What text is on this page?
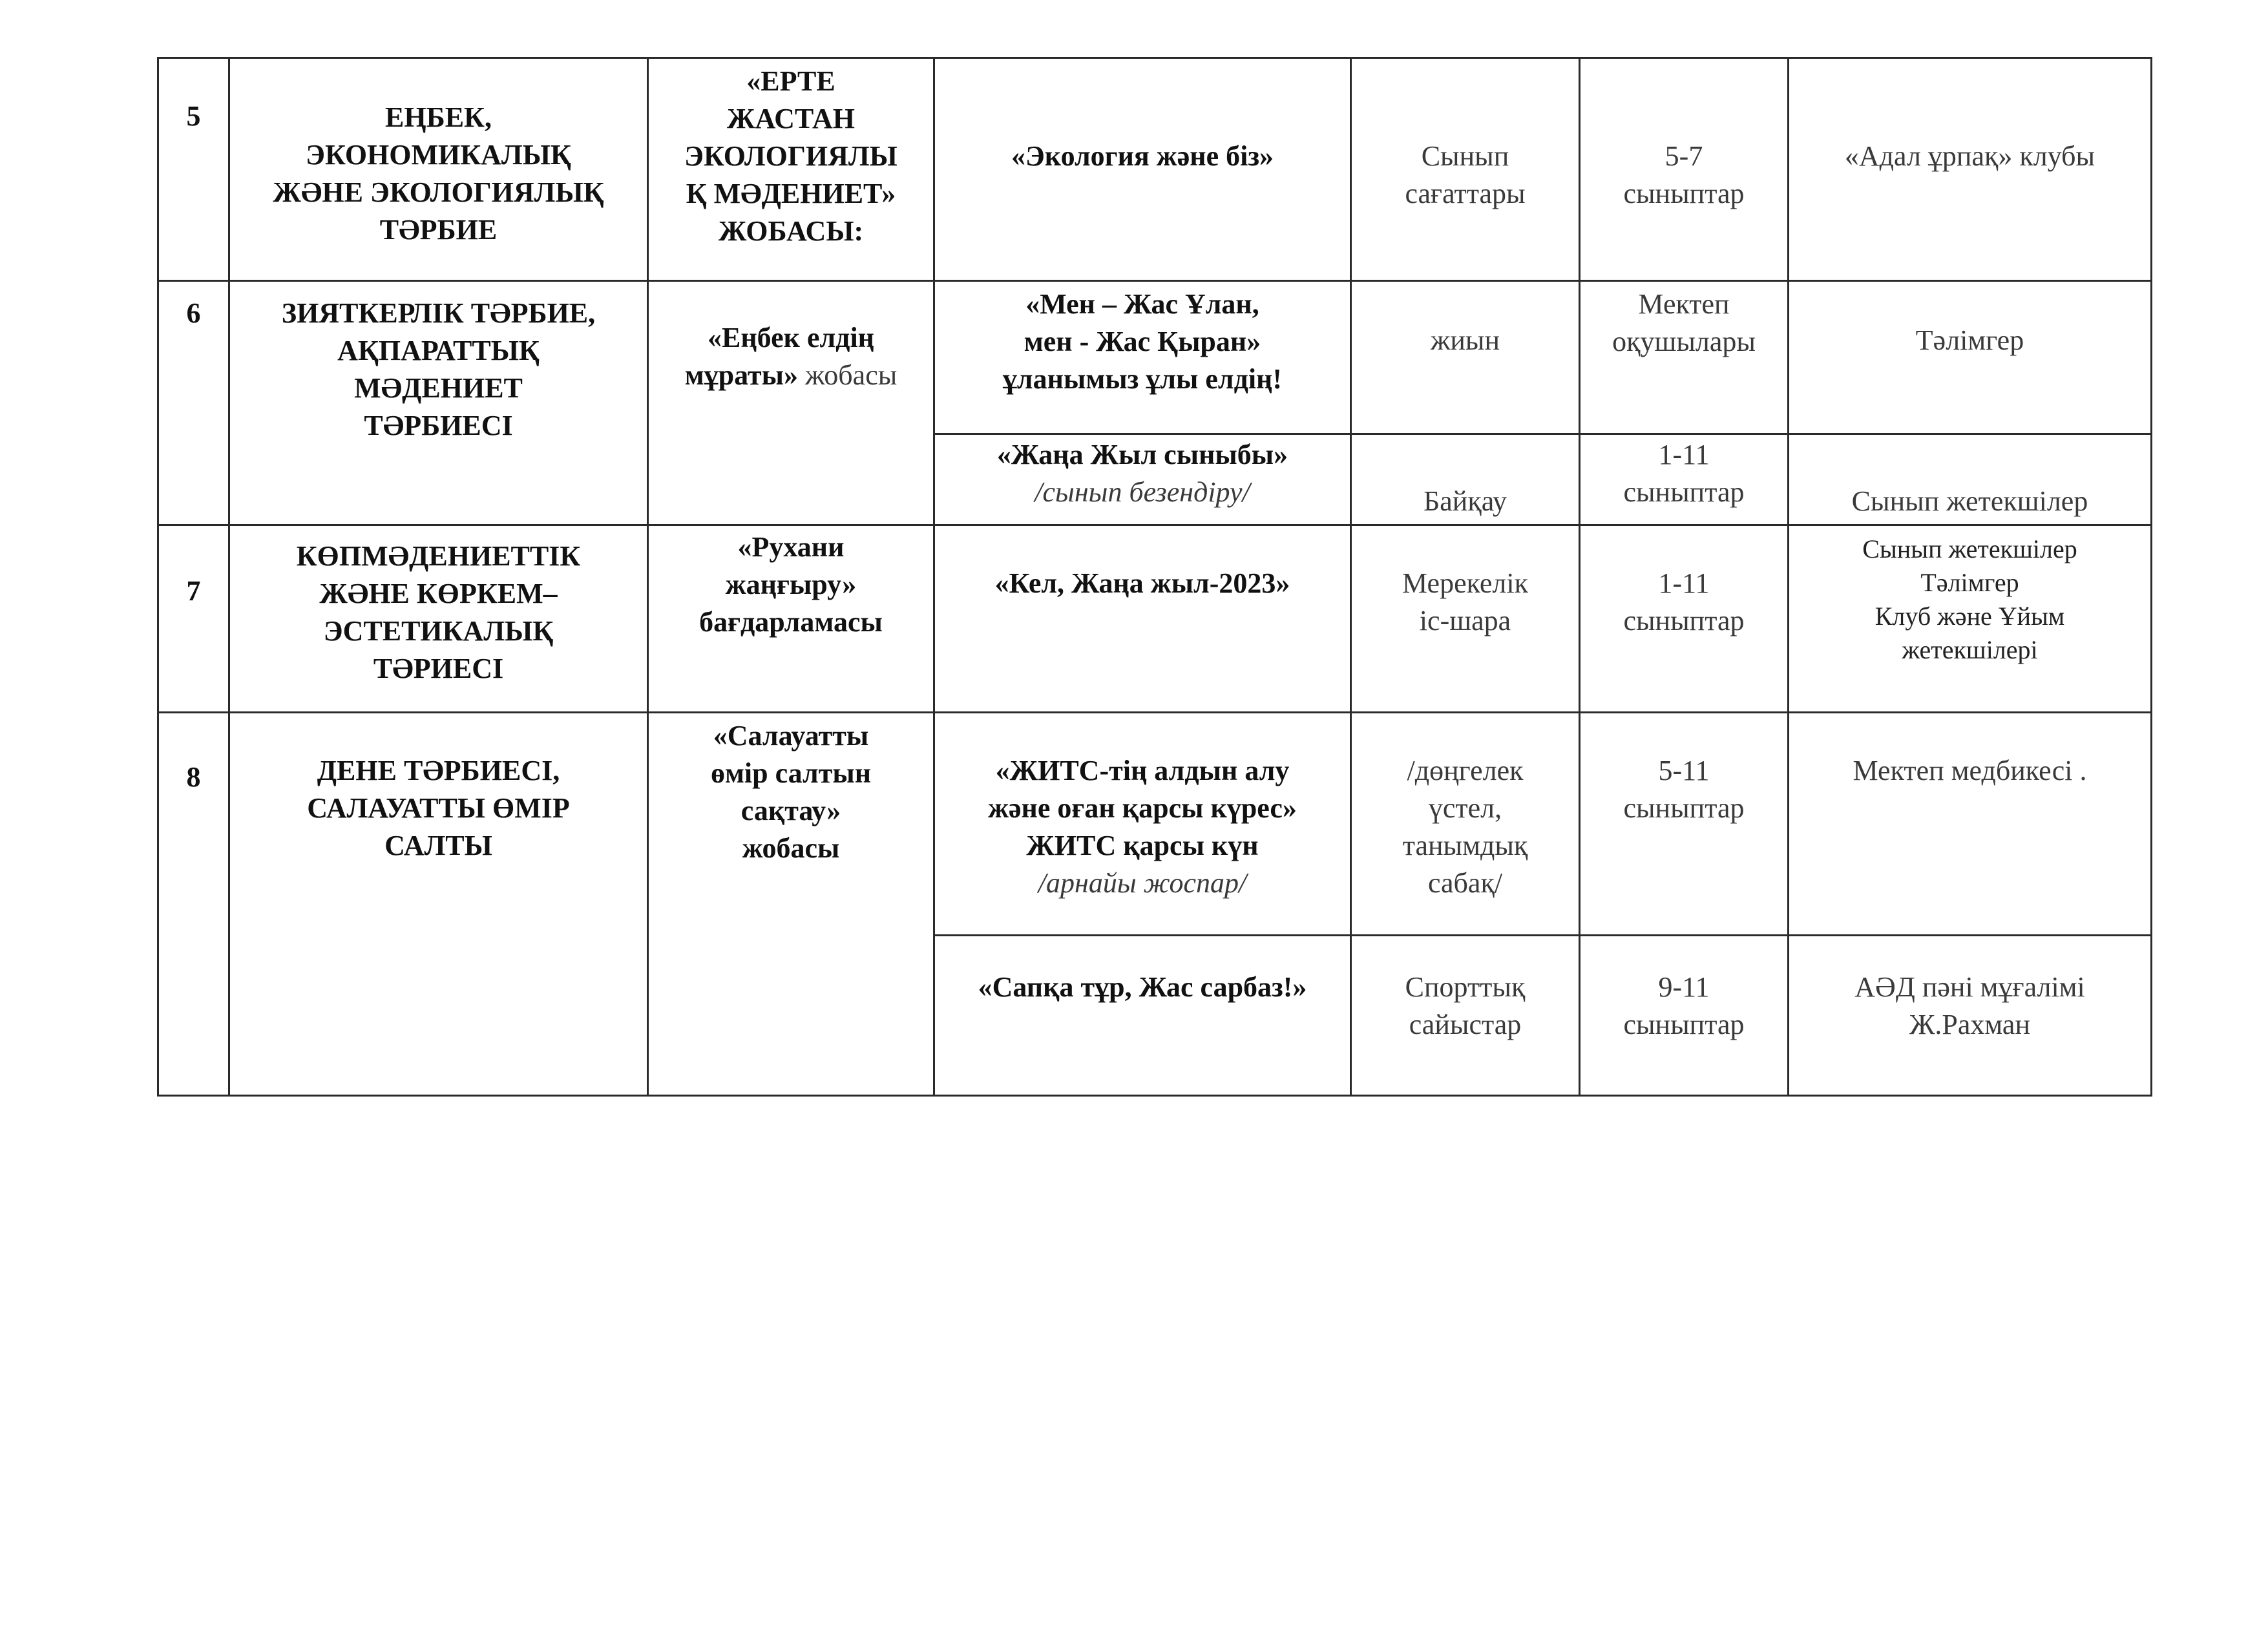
5	ЕҢБЕК,
ЭКОНОМИКАЛЫҚ
ЖӘНЕ ЭКОЛОГИЯЛЫҚ
ТӘРБИЕ	«ЕРТЕ
ЖАСТАН
ЭКОЛОГИЯЛЫ
Қ МӘДЕНИЕТ»
ЖОБАСЫ:	«Экология және біз»	Сынып
сағаттары	5-7
сыныптар	«Адал ұрпақ» клубы

6	ЗИЯТКЕРЛІК ТӘРБИЕ,
АҚПАРАТТЫҚ
МӘДЕНИЕТ
ТӘРБИЕСІ	«Еңбек елдің
мұраты» жобасы	«Мен – Жас Ұлан,
мен - Жас Қыран»
ұланымыз ұлы елдің!	жиын	Мектеп
оқушылары	Тәлімгер

			«Жаңа Жыл сыныбы»
/сынып безендіру/	Байқау	1-11
сыныптар	Сынып жетекшілер

7	КӨПМӘДЕНИЕТТІК
ЖӘНЕ КӨРКЕМ–
ЭСТЕТИКАЛЫҚ
ТӘРИЕСІ	«Рухани
жаңғыру»
бағдарламасы	«Кел, Жаңа жыл-2023»	Мерекелік
іс-шара	1-11
сыныптар	Сынып жетекшілер
Тәлімгер
Клуб және Ұйым
жетекшілері

8	ДЕНЕ ТӘРБИЕСІ,
САЛАУАТТЫ ӨМІР
САЛТЫ	«Салауатты
өмір салтын
сақтау»
жобасы	«ЖИТС-тің алдын алу
және оған қарсы күрес»
ЖИТС қарсы күн
/арнайы жоспар/	/дөңгелек
үстел,
танымдық
сабақ/	5-11
сыныптар	Мектеп медбикесі .

			«Сапқа тұр, Жас сарбаз!»	Спорттық
сайыстар	9-11
сыныптар	АӘД пәні мұғалімі
Ж.Рахман
